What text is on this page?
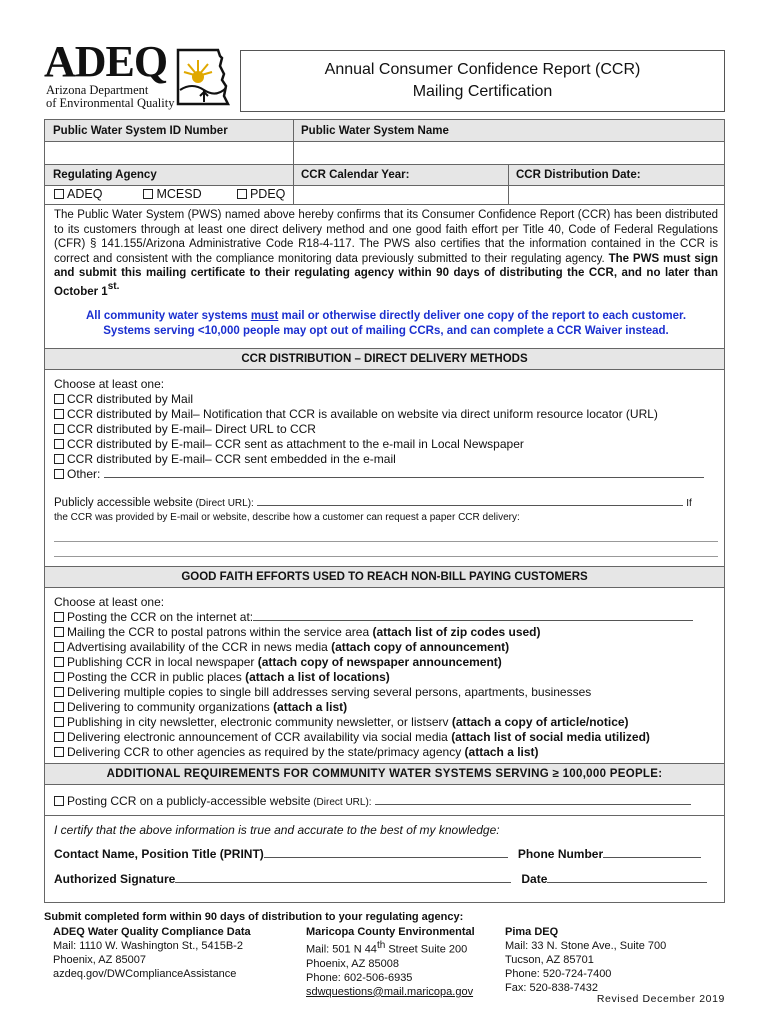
ADEQ
Arizona Department
of Environmental Quality
Annual Consumer Confidence Report (CCR)
Mailing Certification
Public Water System ID Number	Public Water System Name
Regulating Agency	CCR Calendar Year:	CCR Distribution Date:
ADEQ	MCESD	PDEQ
The Public Water System (PWS) named above hereby confirms that its Consumer Confidence Report (CCR) has been distributed to its customers through at least one direct delivery method and one good faith effort per Title 40, Code of Federal Regulations (CFR) § 141.155/Arizona Administrative Code R18-4-117. The PWS also certifies that the information contained in the CCR is correct and consistent with the compliance monitoring data previously submitted to their regulating agency. The PWS must sign and submit this mailing certificate to their regulating agency within 90 days of distributing the CCR, and no later than October $1^{st.}$
All community water systems must mail or otherwise directly deliver one copy of the report to each customer.
Systems serving <10,000 people may opt out of mailing CCRs, and can complete a CCR Waiver instead.
CCR DISTRIBUTION – DIRECT DELIVERY METHODS
Choose at least one:
CCR distributed by Mail
CCR distributed by Mail– Notification that CCR is available on website via direct uniform resource locator (URL)
CCR distributed by E-mail– Direct URL to CCR
CCR distributed by E-mail– CCR sent as attachment to the e-mail in Local Newspaper
CCR distributed by E-mail– CCR sent embedded in the e-mail
Other:
Publicly accessible website (Direct URL):	If
the CCR was provided by E-mail or website, describe how a customer can request a paper CCR delivery:
GOOD FAITH EFFORTS USED TO REACH NON-BILL PAYING CUSTOMERS
Choose at least one:
Posting the CCR on the internet at:
Mailing the CCR to postal patrons within the service area (attach list of zip codes used)
Advertising availability of the CCR in news media (attach copy of announcement)
Publishing CCR in local newspaper (attach copy of newspaper announcement)
Posting the CCR in public places (attach a list of locations)
Delivering multiple copies to single bill addresses serving several persons, apartments, businesses
Delivering to community organizations (attach a list)
Publishing in city newsletter, electronic community newsletter, or listserv (attach a copy of article/notice)
Delivering electronic announcement of CCR availability via social media (attach list of social media utilized)
Delivering CCR to other agencies as required by the state/primacy agency (attach a list)
ADDITIONAL REQUIREMENTS FOR COMMUNITY WATER SYSTEMS SERVING ≥ 100,000 PEOPLE:
Posting CCR on a publicly-accessible website (Direct URL):
I certify that the above information is true and accurate to the best of my knowledge:
Contact Name, Position Title (PRINT)	Phone Number
Authorized Signature	Date
Submit completed form within 90 days of distribution to your regulating agency:
ADEQ Water Quality Compliance Data
Mail: 1110 W. Washington St., 5415B-2
Phoenix, AZ 85007
azdeq.gov/DWComplianceAssistance
Maricopa County Environmental
Mail: 501 N 44th Street Suite 200
Phoenix, AZ 85008
Phone: 602-506-6935
sdwquestions@mail.maricopa.gov
Pima DEQ
Mail: 33 N. Stone Ave., Suite 700
Tucson, AZ 85701
Phone: 520-724-7400
Fax: 520-838-7432
Revised December 2019
